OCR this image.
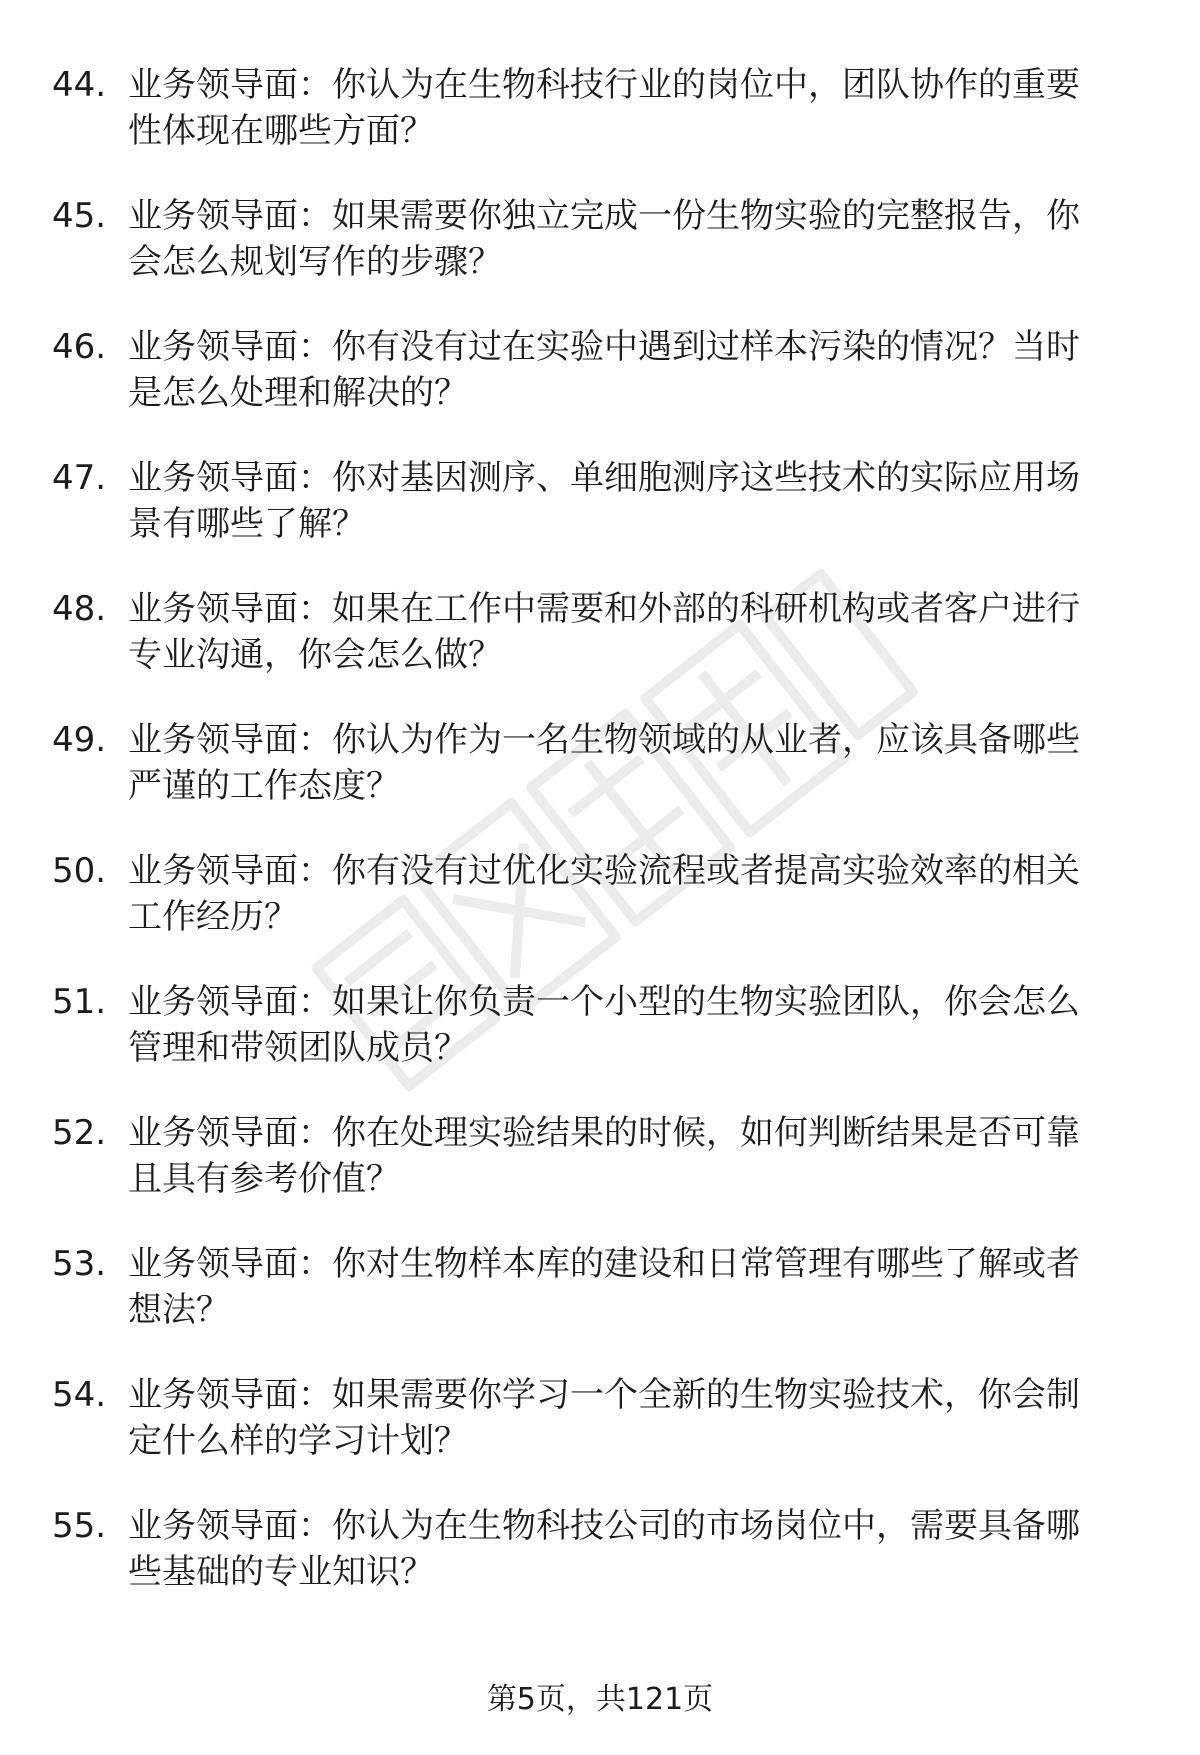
44. 业务领导面：你认为在生物科技行业的岗位中，团队协作的重要
性体现在哪些方面？
45. 业务领导面：如果需要你独立完成一份生物实验的完整报告，你
会怎么规划写作的步骤？
46. 业务领导面：你有没有过在实验中遇到过样本污染的情况？当时
是怎么处理和解决的？
47. 业务领导面：你对基因测序、单细胞测序这些技术的实际应用场
景有哪些了解？
48. 业务领导面：如果在工作中需要和外部的科研机构或者客户进行
专业沟通，你会怎么做？
49. 业务领导面：你认为作为一名生物领域的从业者，应该具备哪些
严谨的工作态度？
50. 业务领导面：你有没有过优化实验流程或者提高实验效率的相关
工作经历？
51. 业务领导面：如果让你负责一个小型的生物实验团队，你会怎么
管理和带领团队成员？
52. 业务领导面：你在处理实验结果的时候，如何判断结果是否可靠
且具有参考价值？
53. 业务领导面：你对生物样本库的建设和日常管理有哪些了解或者
想法？
54. 业务领导面：如果需要你学习一个全新的生物实验技术，你会制
定什么样的学习计划？
55. 业务领导面：你认为在生物科技公司的市场岗位中，需要具备哪
些基础的专业知识？
第5页，共121页
